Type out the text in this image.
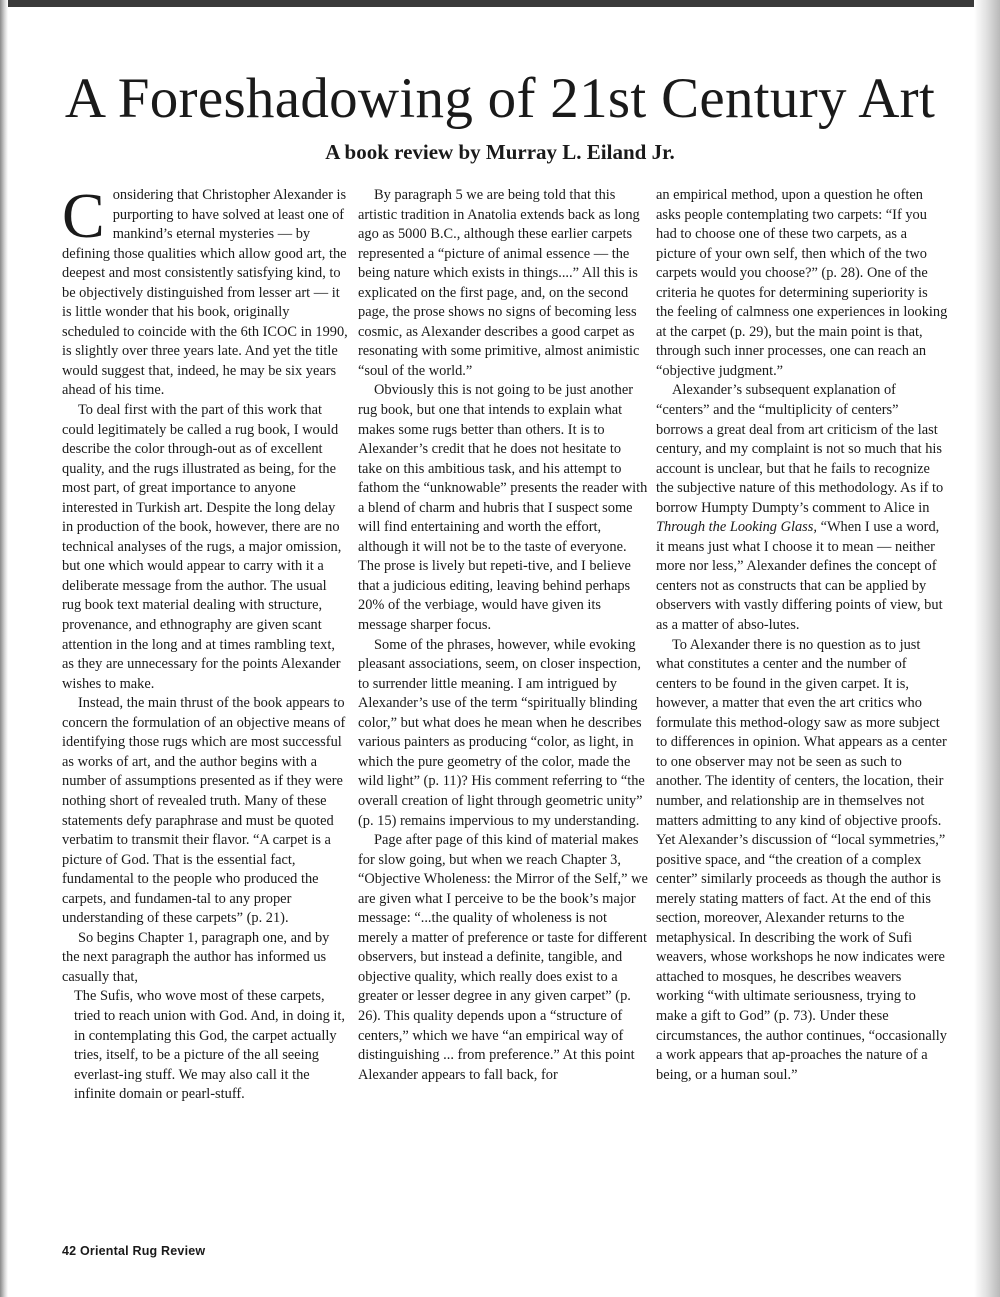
A Foreshadowing of 21st Century Art
A book review by Murray L. Eiland Jr.

Considering that Christopher Alexander is purporting to have solved at least one of mankind’s eternal mysteries — by defining those qualities which allow good art, the deepest and most consistently satisfying kind, to be objectively distinguished from lesser art — it is little wonder that his book, originally scheduled to coincide with the 6th ICOC in 1990, is slightly over three years late. And yet the title would suggest that, indeed, he may be six years ahead of his time.

To deal first with the part of this work that could legitimately be called a rug book, I would describe the color through-out as of excellent quality, and the rugs illustrated as being, for the most part, of great importance to anyone interested in Turkish art. Despite the long delay in production of the book, however, there are no technical analyses of the rugs, a major omission, but one which would appear to carry with it a deliberate message from the author. The usual rug book text material dealing with structure, provenance, and ethnography are given scant attention in the long and at times rambling text, as they are unnecessary for the points Alexander wishes to make.

Instead, the main thrust of the book appears to concern the formulation of an objective means of identifying those rugs which are most successful as works of art, and the author begins with a number of assumptions presented as if they were nothing short of revealed truth. Many of these statements defy paraphrase and must be quoted verbatim to transmit their flavor. “A carpet is a picture of God. That is the essential fact, fundamental to the people who produced the carpets, and fundamen-tal to any proper understanding of these carpets” (p. 21).

So begins Chapter 1, paragraph one, and by the next paragraph the author has informed us casually that,

The Sufis, who wove most of these carpets, tried to reach union with God. And, in doing it, in contemplating this God, the carpet actually tries, itself, to be a picture of the all seeing everlast-ing stuff. We may also call it the infinite domain or pearl-stuff.

By paragraph 5 we are being told that this artistic tradition in Anatolia extends back as long ago as 5000 B.C., although these earlier carpets represented a “picture of animal essence — the being nature which exists in things....” All this is explicated on the first page, and, on the second page, the prose shows no signs of becoming less cosmic, as Alexander describes a good carpet as resonating with some primitive, almost animistic “soul of the world.”

Obviously this is not going to be just another rug book, but one that intends to explain what makes some rugs better than others. It is to Alexander’s credit that he does not hesitate to take on this ambitious task, and his attempt to fathom the “unknowable” presents the reader with a blend of charm and hubris that I suspect some will find entertaining and worth the effort, although it will not be to the taste of everyone. The prose is lively but repeti-tive, and I believe that a judicious editing, leaving behind perhaps 20% of the verbiage, would have given its message sharper focus.

Some of the phrases, however, while evoking pleasant associations, seem, on closer inspection, to surrender little meaning. I am intrigued by Alexander’s use of the term “spiritually blinding color,” but what does he mean when he describes various painters as producing “color, as light, in which the pure geometry of the color, made the wild light” (p. 11)? His comment referring to “the overall creation of light through geometric unity” (p. 15) remains impervious to my understanding.

Page after page of this kind of material makes for slow going, but when we reach Chapter 3, “Objective Wholeness: the Mirror of the Self,” we are given what I perceive to be the book’s major message: “...the quality of wholeness is not merely a matter of preference or taste for different observers, but instead a definite, tangible, and objective quality, which really does exist to a greater or lesser degree in any given carpet” (p. 26). This quality depends upon a “structure of centers,” which we have “an empirical way of distinguishing ... from preference.” At this point Alexander appears to fall back, for

an empirical method, upon a question he often asks people contemplating two carpets: “If you had to choose one of these two carpets, as a picture of your own self, then which of the two carpets would you choose?” (p. 28). One of the criteria he quotes for determining superiority is the feeling of calmness one experiences in looking at the carpet (p. 29), but the main point is that, through such inner processes, one can reach an “objective judgment.”

Alexander’s subsequent explanation of “centers” and the “multiplicity of centers” borrows a great deal from art criticism of the last century, and my complaint is not so much that his account is unclear, but that he fails to recognize the subjective nature of this methodology. As if to borrow Humpty Dumpty’s comment to Alice in Through the Looking Glass, “When I use a word, it means just what I choose it to mean — neither more nor less,” Alexander defines the concept of centers not as constructs that can be applied by observers with vastly differing points of view, but as a matter of abso-lutes.

To Alexander there is no question as to just what constitutes a center and the number of centers to be found in the given carpet. It is, however, a matter that even the art critics who formulate this method-ology saw as more subject to differences in opinion. What appears as a center to one observer may not be seen as such to another. The identity of centers, the location, their number, and relationship are in themselves not matters admitting to any kind of objective proofs. Yet Alexander’s discussion of “local symmetries,” positive space, and “the creation of a complex center” similarly proceeds as though the author is merely stating matters of fact. At the end of this section, moreover, Alexander returns to the metaphysical. In describing the work of Sufi weavers, whose workshops he now indicates were attached to mosques, he describes weavers working “with ultimate seriousness, trying to make a gift to God” (p. 73). Under these circumstances, the author continues, “occasionally a work appears that ap-proaches the nature of a being, or a human soul.”

42 Oriental Rug Review
